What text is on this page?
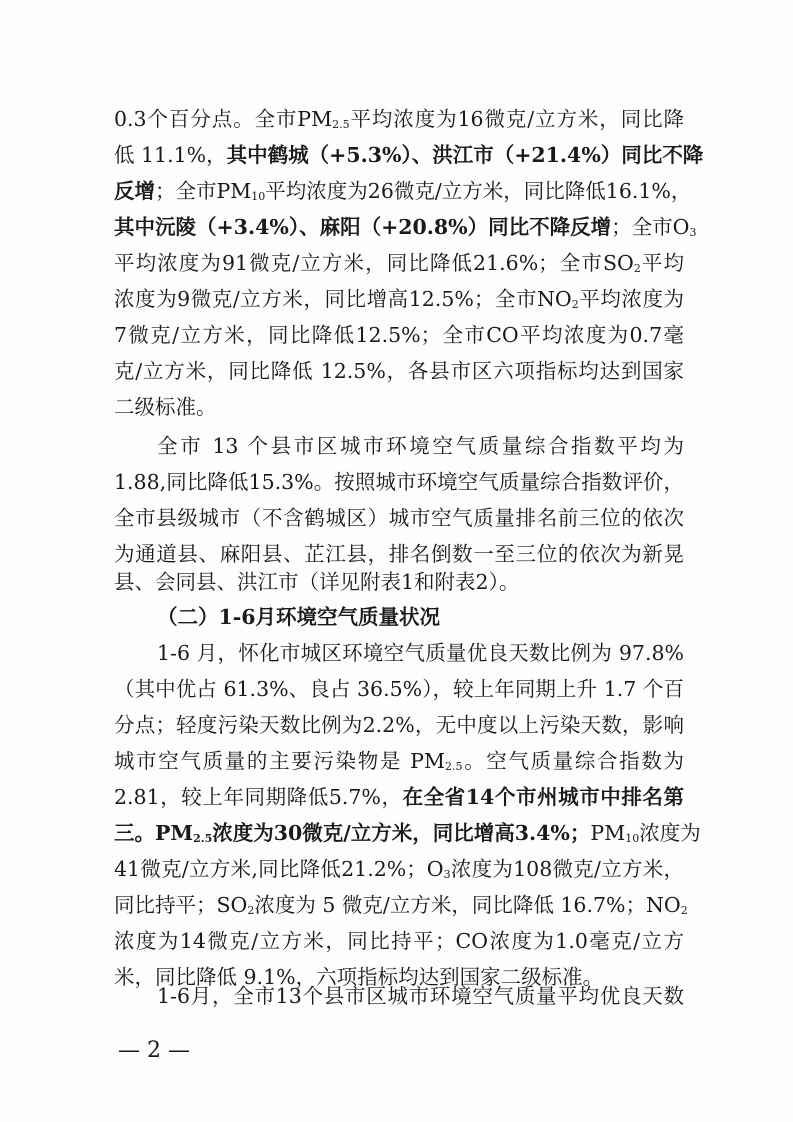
0.3个百分点。全市$PM_{2.5}$平均浓度为16微克/立方米，同比降
低 11.1%，其中鹤城（+5.3%）、洪江市（+21.4%）同比不降
反增；全市$PM_{10}$平均浓度为26微克/立方米，同比降低16.1%，
其中沅陵（+3.4%）、麻阳（+20.8%）同比不降反增；全市$O_3$
平均浓度为91微克/立方米，同比降低21.6%；全市$SO_2$平均
浓度为9微克/立方米，同比增高12.5%；全市$NO_2$平均浓度为
7微克/立方米，同比降低12.5%；全市CO平均浓度为0.7毫
克/立方米，同比降低 12.5%，各县市区六项指标均达到国家
二级标准。
全市 13 个县市区城市环境空气质量综合指数平均为
1.88,同比降低15.3%。按照城市环境空气质量综合指数评价，
全市县级城市（不含鹤城区）城市空气质量排名前三位的依次
为通道县、麻阳县、芷江县，排名倒数一至三位的依次为新晃
（二）1-6月环境空气质量状况
1-6 月，怀化市城区环境空气质量优良天数比例为 97.8%
（其中优占 61.3%、良占 36.5%），较上年同期上升 1.7 个百
分点；轻度污染天数比例为2.2%，无中度以上污染天数，影响
城市空气质量的主要污染物是 $PM_{2.5}$。空气质量综合指数为
2.81，较上年同期降低5.7%，在全省14个市州城市中排名第
三。$PM_{2.5}$浓度为30微克/立方米，同比增高3.4%；$PM_{10}$浓度为
41微克/立方米,同比降低21.2%；$O_3$浓度为108微克/立方米，
同比持平；$SO_2$浓度为 5 微克/立方米，同比降低 16.7%；$NO_2$
浓度为14微克/立方米，同比持平；CO浓度为1.0毫克/立方
米，同比降低 9.1%，六项指标均达到国家二级标准。
1-6月，全市13个县市区城市环境空气质量平均优良天数
— 2 —
县、会同县、洪江市（详见附表1和附表2）。
